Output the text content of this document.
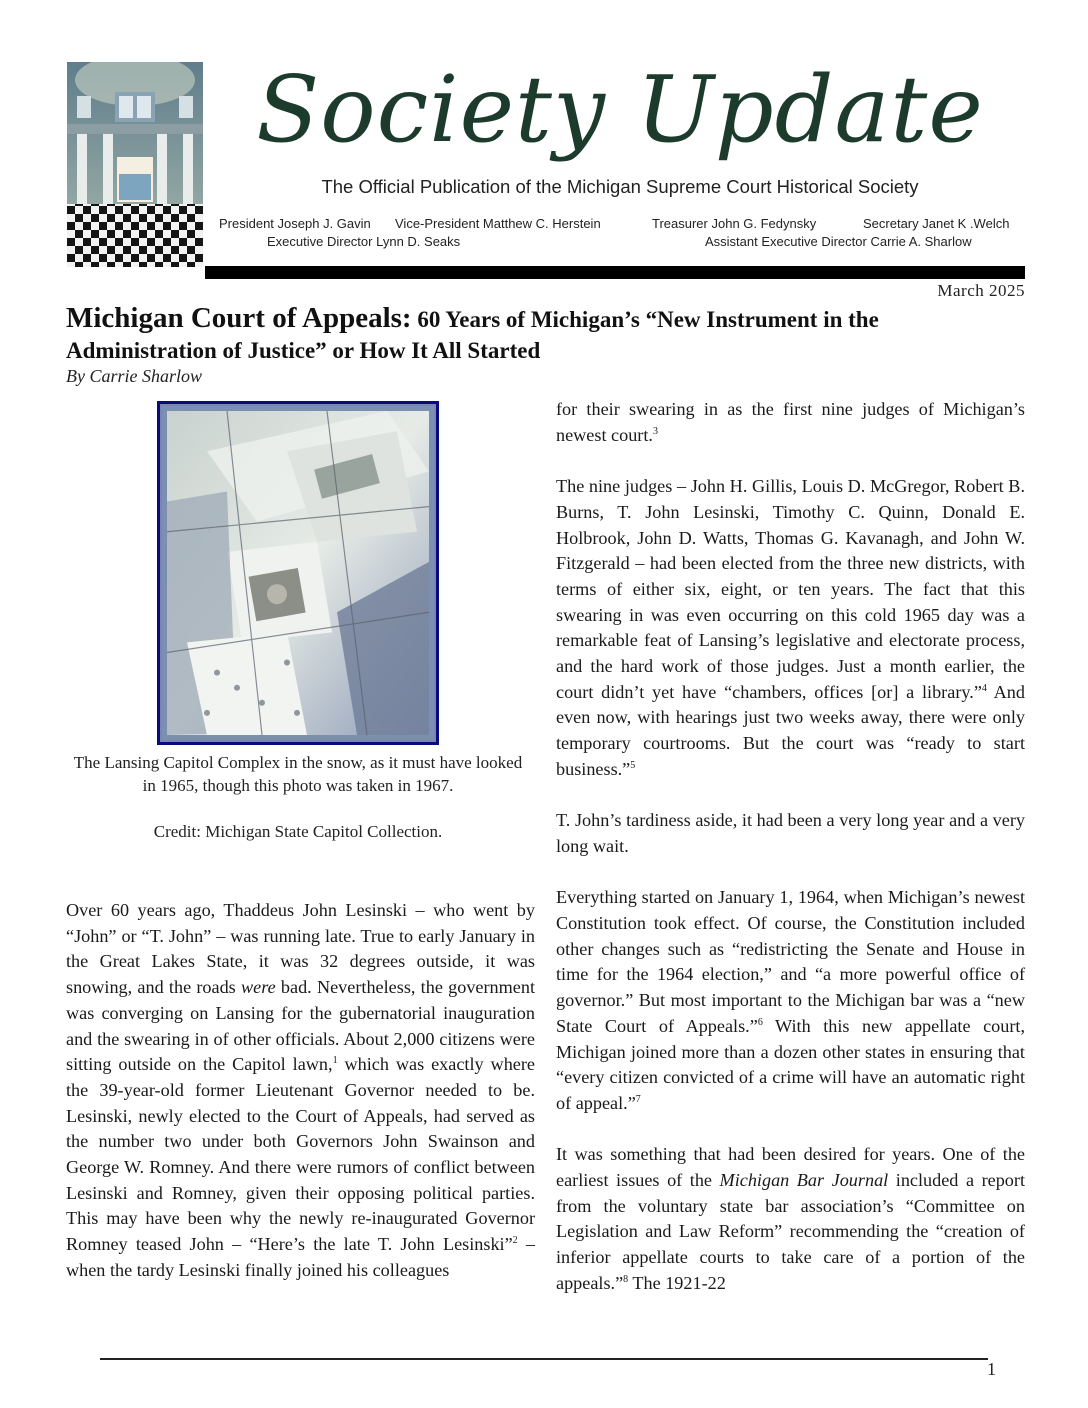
Society Update
The Official Publication of the Michigan Supreme Court Historical Society
President Joseph J. Gavin Vice-President Matthew C. Herstein	Treasurer John G. Fedynsky	Secretary Janet K .Welch
Executive Director Lynn D. Seaks	Assistant Executive Director Carrie A. Sharlow
March 2025
Michigan Court of Appeals: 60 Years of Michigan’s “New Instrument in the Administration of Justice” or How It All Started
By Carrie Sharlow

The Lansing Capitol Complex in the snow, as it must have looked in 1965, though this photo was taken in 1967.

Credit: Michigan State Capitol Collection.

Over 60 years ago, Thaddeus John Lesinski – who went by “John” or “T. John” – was running late. True to early January in the Great Lakes State, it was 32 degrees outside, it was snowing, and the roads were bad. Nevertheless, the government was converging on Lansing for the gubernatorial inauguration and the swearing in of other officials. About 2,000 citizens were sitting outside on the Capitol lawn,$^1$ which was exactly where the 39-year-old former Lieutenant Governor needed to be. Lesinski, newly elected to the Court of Appeals, had served as the number two under both Governors John Swainson and George W. Romney. And there were rumors of conflict between Lesinski and Romney, given their opposing political parties. This may have been why the newly re-inaugurated Governor Romney teased John – “Here’s the late T. John Lesinski”$^2$ – when the tardy Lesinski finally joined his colleagues

for their swearing in as the first nine judges of Michigan’s newest court.$^3$

The nine judges – John H. Gillis, Louis D. McGregor, Robert B. Burns, T. John Lesinski, Timothy C. Quinn, Donald E. Holbrook, John D. Watts, Thomas G. Kavanagh, and John W. Fitzgerald – had been elected from the three new districts, with terms of either six, eight, or ten years. The fact that this swearing in was even occurring on this cold 1965 day was a remarkable feat of Lansing’s legislative and electorate process, and the hard work of those judges. Just a month earlier, the court didn’t yet have “chambers, offices [or] a library.”$^4$ And even now, with hearings just two weeks away, there were only temporary courtrooms. But the court was “ready to start business.”$^5$

T. John’s tardiness aside, it had been a very long year and a very long wait.

Everything started on January 1, 1964, when Michigan’s newest Constitution took effect. Of course, the Constitution included other changes such as “redistricting the Senate and House in time for the 1964 election,” and “a more powerful office of governor.” But most important to the Michigan bar was a “new State Court of Appeals.”$^6$ With this new appellate court, Michigan joined more than a dozen other states in ensuring that “every citizen convicted of a crime will have an automatic right of appeal.”$^7$

It was something that had been desired for years. One of the earliest issues of the Michigan Bar Journal included a report from the voluntary state bar association’s “Committee on Legislation and Law Reform” recommending the “creation of inferior appellate courts to take care of a portion of the appeals.”$^8$ The 1921-22

1
